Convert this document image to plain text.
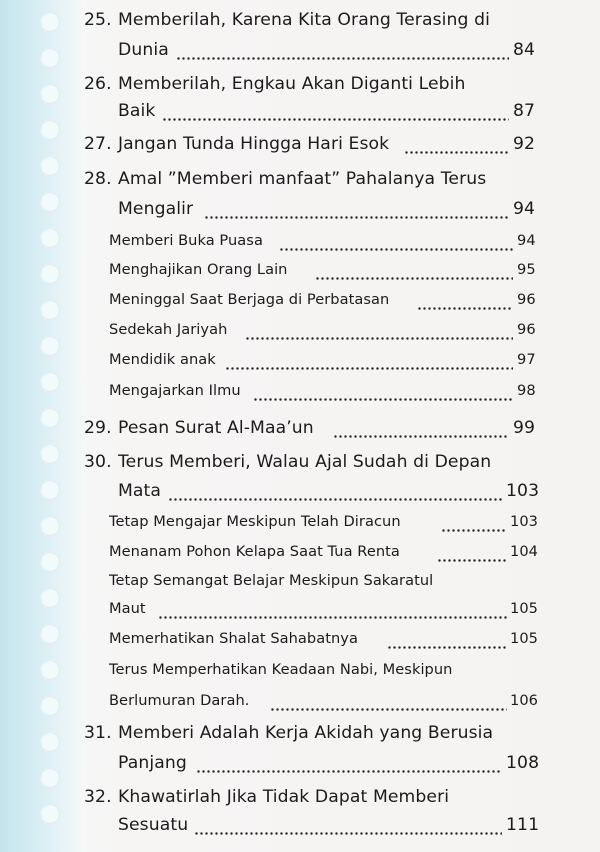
25. Memberilah, Karena Kita Orang Terasing di
Dunia	84
26. Memberilah, Engkau Akan Diganti Lebih
Baik	87
27. Jangan Tunda Hingga Hari Esok	92
28. Amal ”Memberi manfaat” Pahalanya Terus
Mengalir	94
Memberi Buka Puasa	94
Menghajikan Orang Lain	95
Meninggal Saat Berjaga di Perbatasan	96
Sedekah Jariyah	96
Mendidik anak	97
Mengajarkan Ilmu	98
29. Pesan Surat Al-Maa’un	99
30. Terus Memberi, Walau Ajal Sudah di Depan
Mata	103
Tetap Mengajar Meskipun Telah Diracun	103
Menanam Pohon Kelapa Saat Tua Renta	104
Tetap Semangat Belajar Meskipun Sakaratul
Maut	105
Memerhatikan Shalat Sahabatnya	105
Terus Memperhatikan Keadaan Nabi, Meskipun
Berlumuran Darah.	106
31. Memberi Adalah Kerja Akidah yang Berusia
Panjang	108
32. Khawatirlah Jika Tidak Dapat Memberi
Sesuatu	111
